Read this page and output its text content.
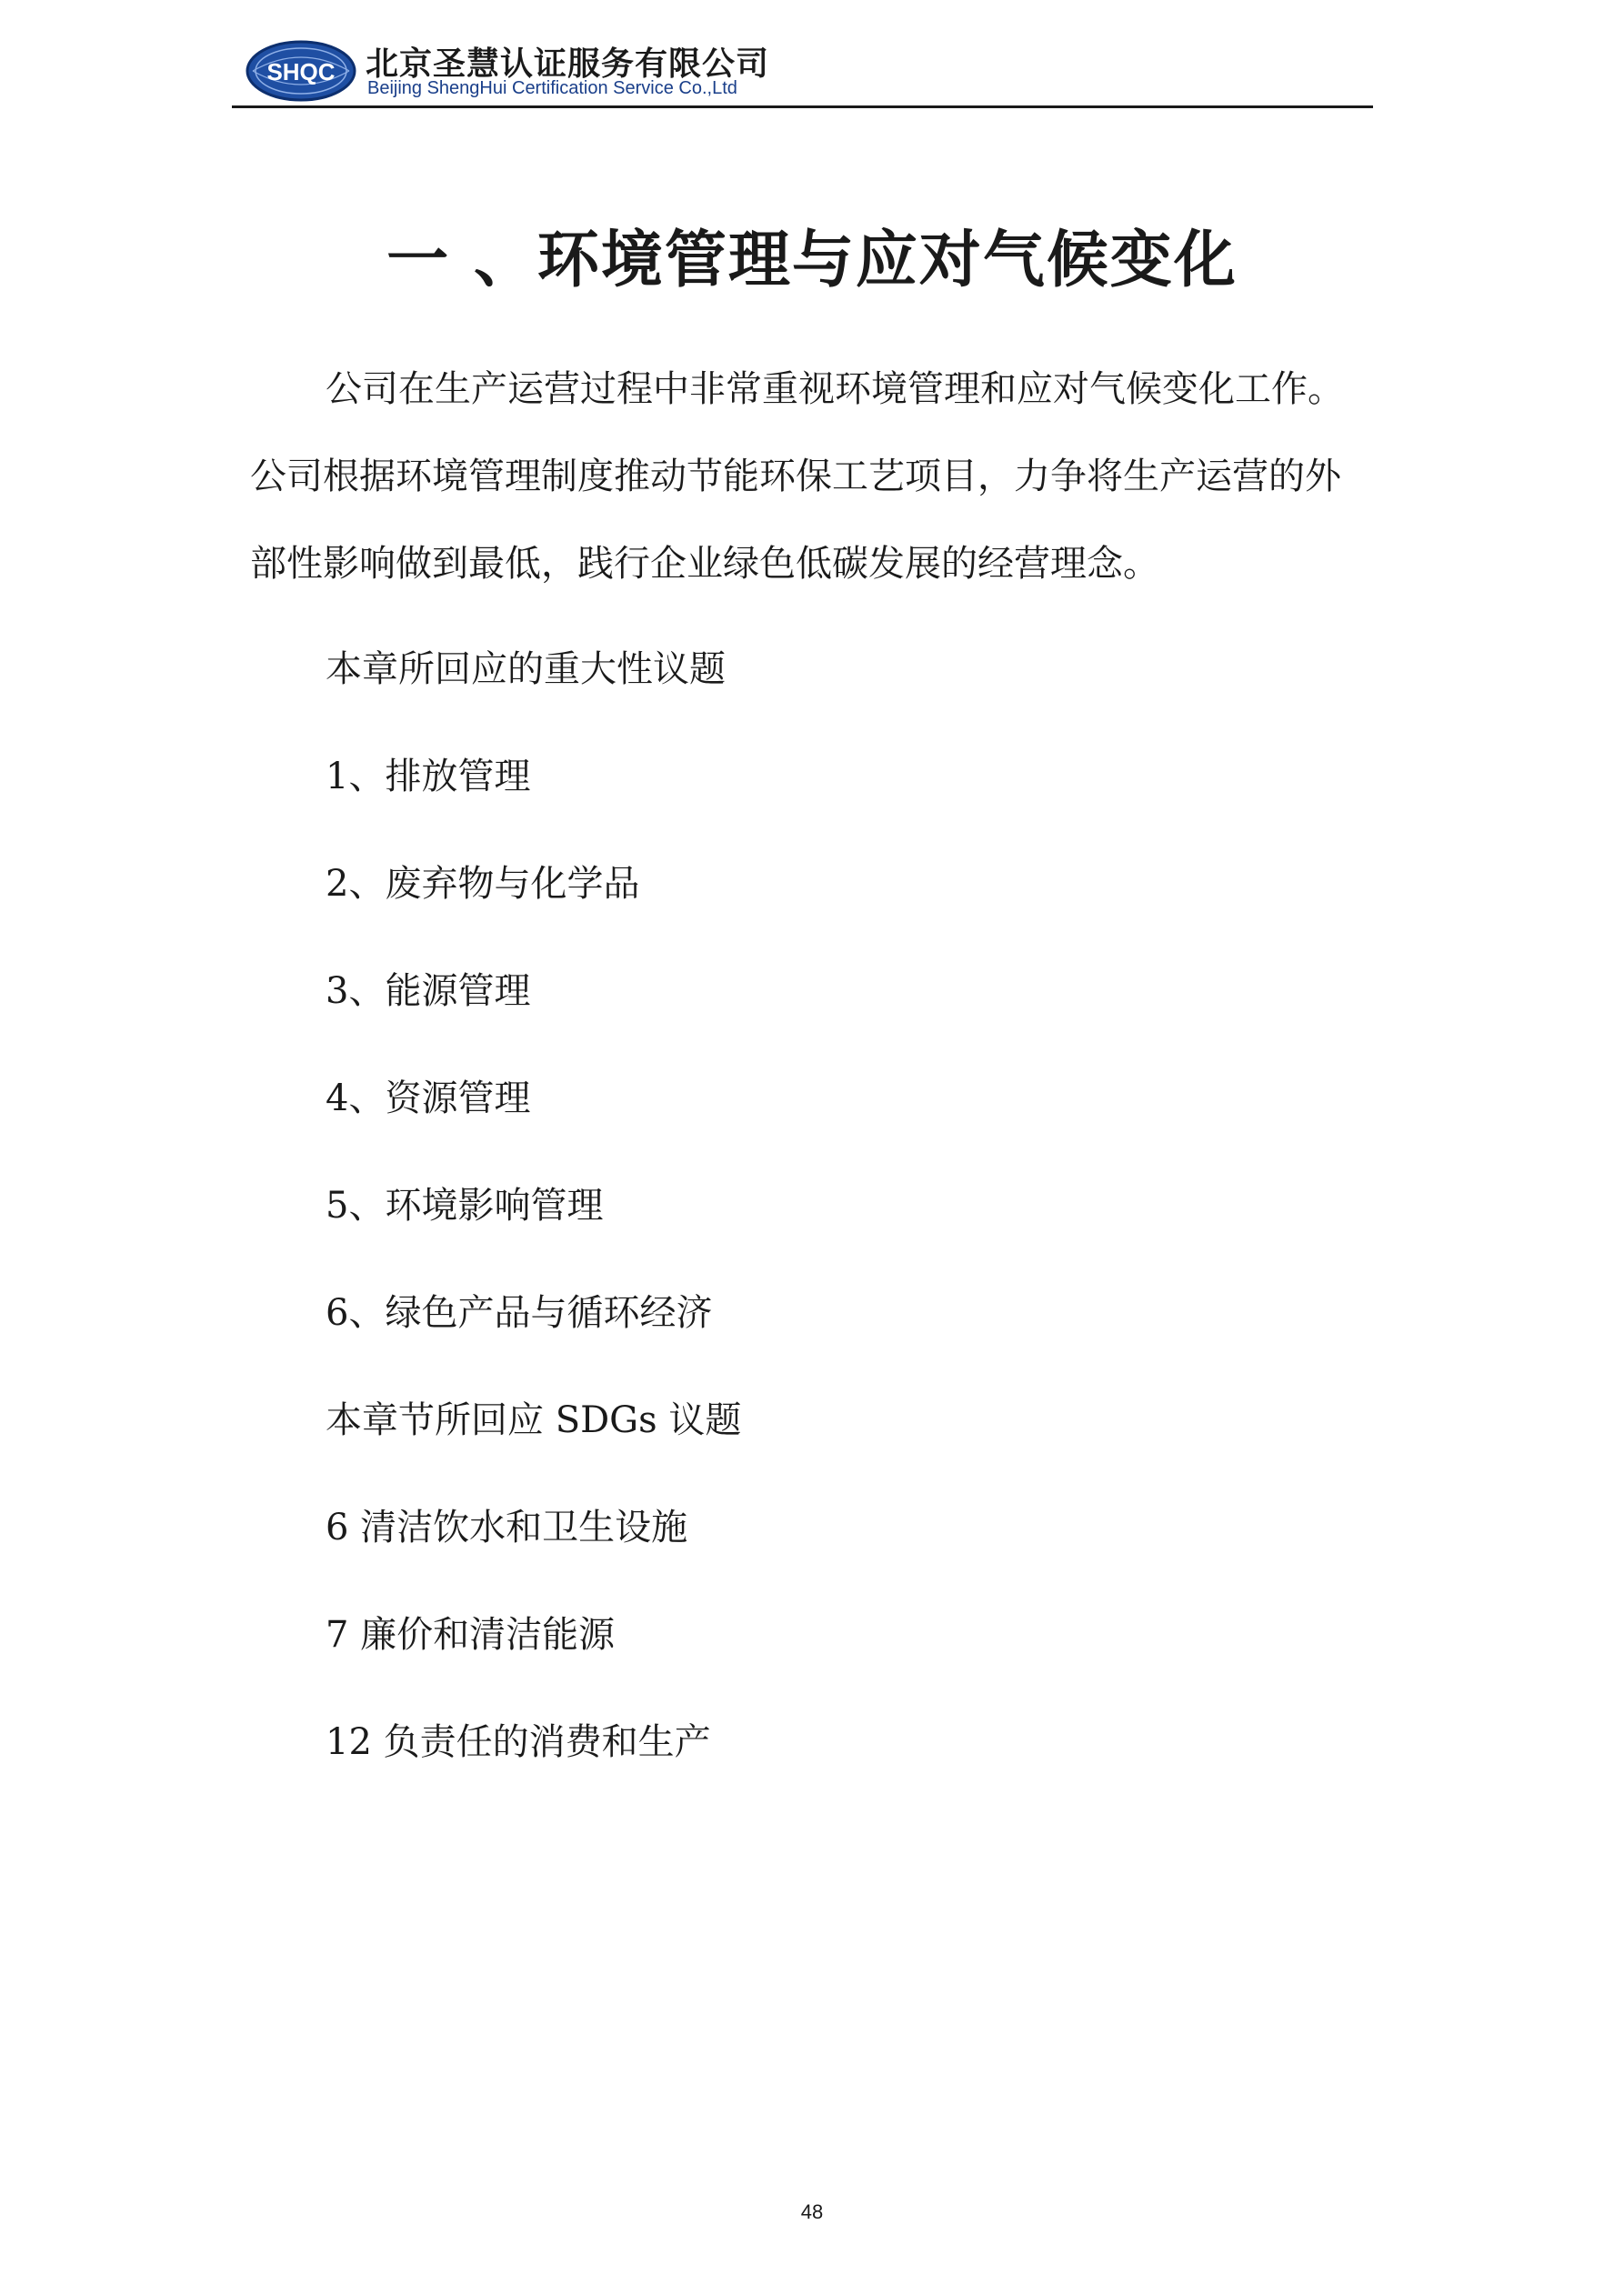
SHQC 北京圣慧认证服务有限公司
Beijing ShengHui Certification Service Co.,Ltd
一 、环境管理与应对气候变化
公司在生产运营过程中非常重视环境管理和应对气候变化工作。
公司根据环境管理制度推动节能环保工艺项目，力争将生产运营的外
部性影响做到最低，践行企业绿色低碳发展的经营理念。
本章所回应的重大性议题
1、排放管理
2、废弃物与化学品
3、能源管理
4、资源管理
5、环境影响管理
6、绿色产品与循环经济
本章节所回应 SDGs 议题
6 清洁饮水和卫生设施
7 廉价和清洁能源
12 负责任的消费和生产
48
